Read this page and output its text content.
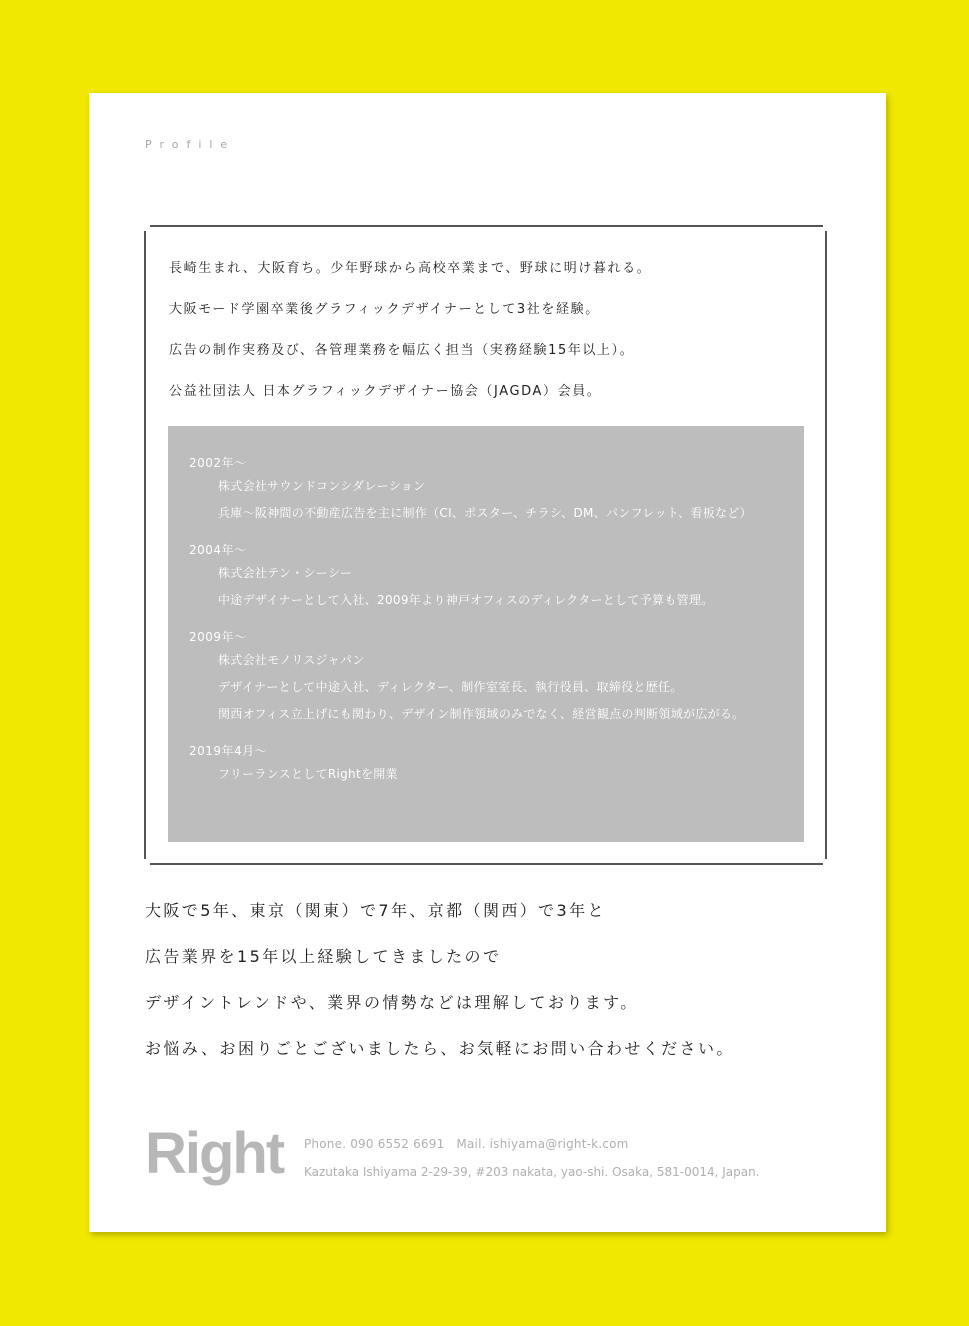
Profile

長崎生まれ、大阪育ち。少年野球から高校卒業まで、野球に明け暮れる。

大阪モード学園卒業後グラフィックデザイナーとして3社を経験。

広告の制作実務及び、各管理業務を幅広く担当（実務経験15年以上）。

公益社団法人 日本グラフィックデザイナー協会（JAGDA）会員。

2002年〜
株式会社サウンドコンシダレーション
兵庫〜阪神間の不動産広告を主に制作（CI、ポスター、チラシ、DM、パンフレット、看板など）
2004年〜
株式会社テン・シーシー
中途デザイナーとして入社、2009年より神戸オフィスのディレクターとして予算も管理。
2009年〜
株式会社モノリスジャパン
デザイナーとして中途入社、ディレクター、制作室室長、執行役員、取締役と歴任。
関西オフィス立上げにも関わり、デザイン制作領域のみでなく、経営観点の判断領域が広がる。
2019年4月〜
フリーランスとしてRightを開業

大阪で5年、東京（関東）で7年、京都（関西）で3年と

広告業界を15年以上経験してきましたので

デザイントレンドや、業界の情勢などは理解しております。

お悩み、お困りごとございましたら、お気軽にお問い合わせください。

Right Phone. 090 6552 6691 Mail. ishiyama@right-k.com
Kazutaka Ishiyama 2-29-39, #203 nakata, yao-shi. Osaka, 581-0014, Japan.
